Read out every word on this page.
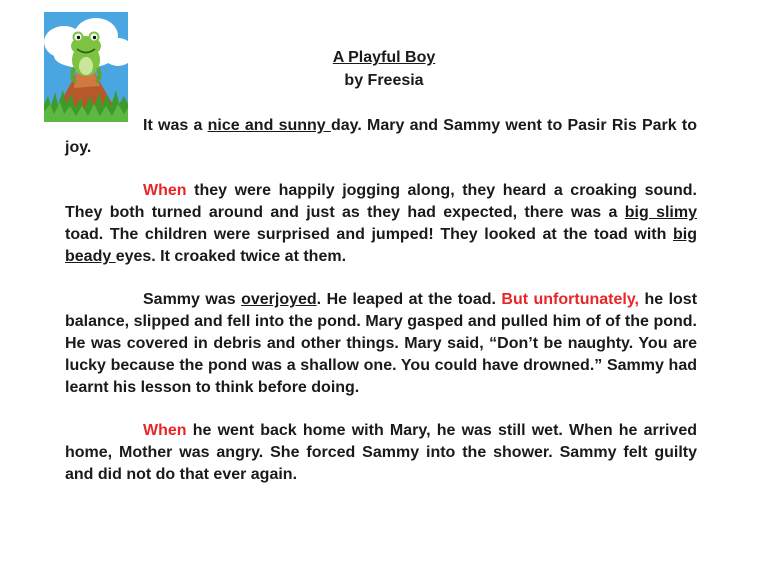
A Playful Boy
by Freesia

It was a nice and sunny day. Mary and Sammy went to Pasir Ris Park to joy.

When they were happily jogging along, they heard a croaking sound. They both turned around and just as they had expected, there was a big slimy toad. The children were surprised and jumped! They looked at the toad with big beady eyes. It croaked twice at them.

Sammy was overjoyed. He leaped at the toad. But unfortunately, he lost balance, slipped and fell into the pond. Mary gasped and pulled him of of the pond. He was covered in debris and other things. Mary said, “Don’t be naughty. You are lucky because the pond was a shallow one. You could have drowned.” Sammy had learnt his lesson to think before doing.

When he went back home with Mary, he was still wet. When he arrived home, Mother was angry. She forced Sammy into the shower. Sammy felt guilty and did not do that ever again.
